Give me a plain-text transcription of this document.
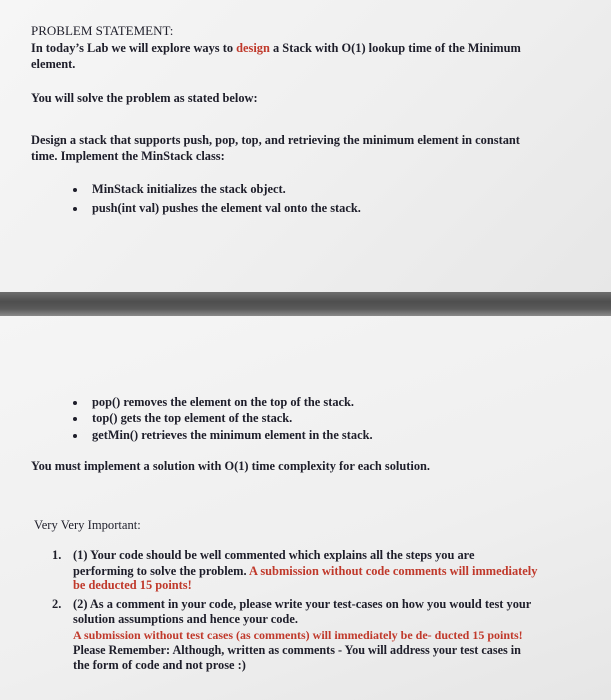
PROBLEM STATEMENT:
In today’s Lab we will explore ways to design a Stack with O(1) lookup time of the Minimum
element.
You will solve the problem as stated below:
Design a stack that supports push, pop, top, and retrieving the minimum element in constant
time. Implement the MinStack class:
MinStack initializes the stack object.
push(int val) pushes the element val onto the stack.
pop() removes the element on the top of the stack.
top() gets the top element of the stack.
getMin() retrieves the minimum element in the stack.
You must implement a solution with O(1) time complexity for each solution.
Very Very Important:
1. (1) Your code should be well commented which explains all the steps you are
performing to solve the problem. A submission without code comments will immediately
be deducted 15 points!
2. (2) As a comment in your code, please write your test-cases on how you would test your
solution assumptions and hence your code.
A submission without test cases (as comments) will immediately be de- ducted 15 points!
Please Remember: Although, written as comments - You will address your test cases in
the form of code and not prose :)
